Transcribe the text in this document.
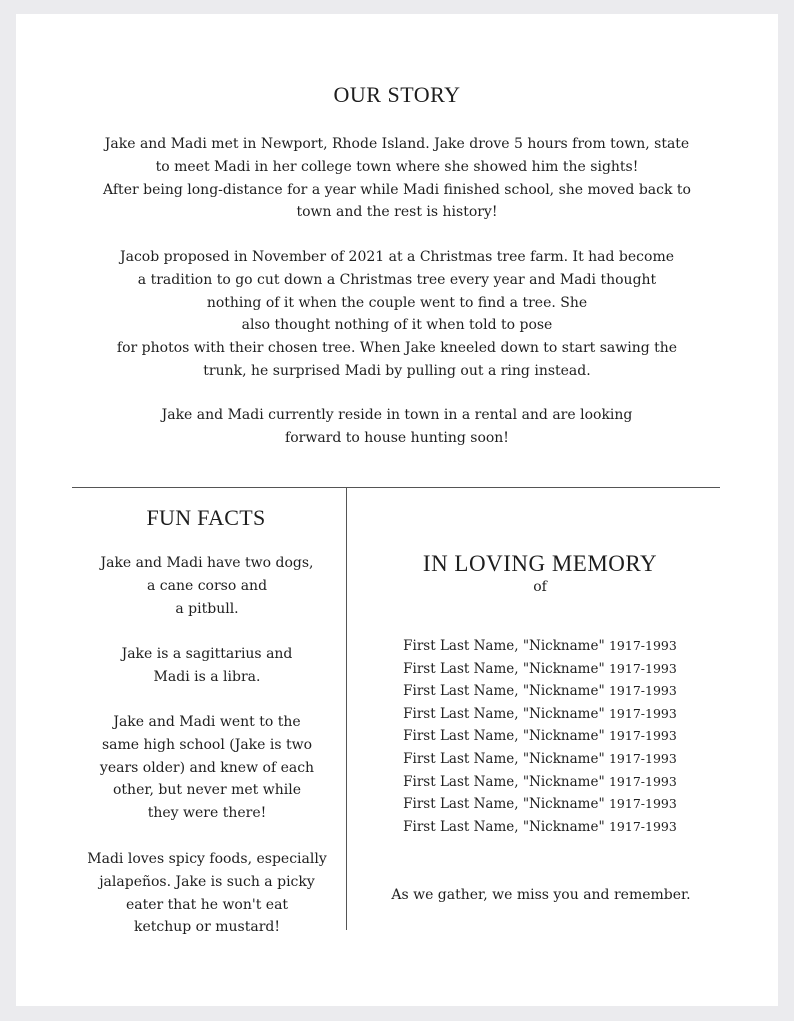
OUR STORY

Jake and Madi met in Newport, Rhode Island. Jake drove 5 hours from town, state
to meet Madi in her college town where she showed him the sights!
After being long-distance for a year while Madi finished school, she moved back to
town and the rest is history!

Jacob proposed in November of 2021 at a Christmas tree farm. It had become
a tradition to go cut down a Christmas tree every year and Madi thought
nothing of it when the couple went to find a tree. She
also thought nothing of it when told to pose
for photos with their chosen tree. When Jake kneeled down to start sawing the
trunk, he surprised Madi by pulling out a ring instead.

Jake and Madi currently reside in town in a rental and are looking
forward to house hunting soon!

FUN FACTS

Jake and Madi have two dogs,
a cane corso and
a pitbull.

Jake is a sagittarius and
Madi is a libra.

Jake and Madi went to the
same high school (Jake is two
years older) and knew of each
other, but never met while
they were there!

Madi loves spicy foods, especially
jalapeños. Jake is such a picky
eater that he won't eat
ketchup or mustard!

IN LOVING MEMORY
of
First Last Name, "Nickname" 1917-1993
First Last Name, "Nickname" 1917-1993
First Last Name, "Nickname" 1917-1993
First Last Name, "Nickname" 1917-1993
First Last Name, "Nickname" 1917-1993
First Last Name, "Nickname" 1917-1993
First Last Name, "Nickname" 1917-1993
First Last Name, "Nickname" 1917-1993
First Last Name, "Nickname" 1917-1993
As we gather, we miss you and remember.
